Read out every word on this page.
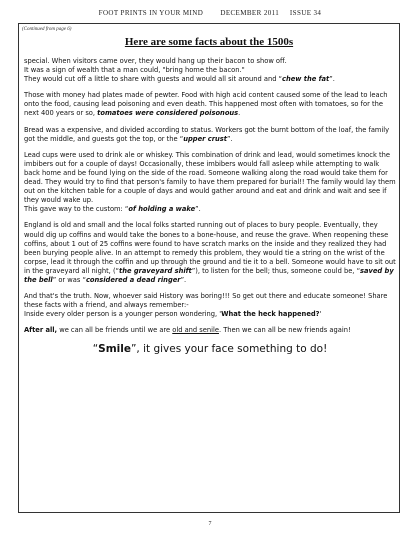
FOOT PRINTS IN YOUR MIND DECEMBER 2011 ISSUE 34
(Continued from page 6)
Here are some facts about the 1500s

special. When visitors came over, they would hang up their bacon to show off.
It was a sign of wealth that a man could, "bring home the bacon."
They would cut off a little to share with guests and would all sit around and “chew the fat”.

Those with money had plates made of pewter. Food with high acid content caused some of the lead to leach onto the food, causing lead poisoning and even death. This happened most often with tomatoes, so for the next 400 years or so, tomatoes were considered poisonous.

Bread was a expensive, and divided according to status. Workers got the burnt bottom of the loaf, the family got the middle, and guests got the top, or the “upper crust”.

Lead cups were used to drink ale or whiskey. This combination of drink and lead, would sometimes knock the imbibers out for a couple of days! Occasionally, these imbibers would fall asleep while attempting to walk back home and be found lying on the side of the road. Someone walking along the road would take them for dead. They would try to find that person's family to have them prepared for burial!! The family would lay them out on the kitchen table for a couple of days and would gather around and eat and drink and wait and see if they would wake up.
This gave way to the custom: “of holding a wake”.

England is old and small and the local folks started running out of places to bury people. Eventually, they would dig up coffins and would take the bones to a bone-house, and reuse the grave. When reopening these coffins, about 1 out of 25 coffins were found to have scratch marks on the inside and they realized they had been burying people alive. In an attempt to remedy this problem, they would tie a string on the wrist of the corpse, lead it through the coffin and up through the ground and tie it to a bell. Someone would have to sit out in the graveyard all night, (“the graveyard shift”), to listen for the bell; thus, someone could be, “saved by the bell” or was “considered a dead ringer”.

And that's the truth. Now, whoever said History was boring!!! So get out there and educate someone! Share these facts with a friend, and always remember:-
Inside every older person is a younger person wondering, 'What the heck happened?'

After all, we can all be friends until we are old and senile. Then we can all be new friends again!

“Smile”, it gives your face something to do!

7
